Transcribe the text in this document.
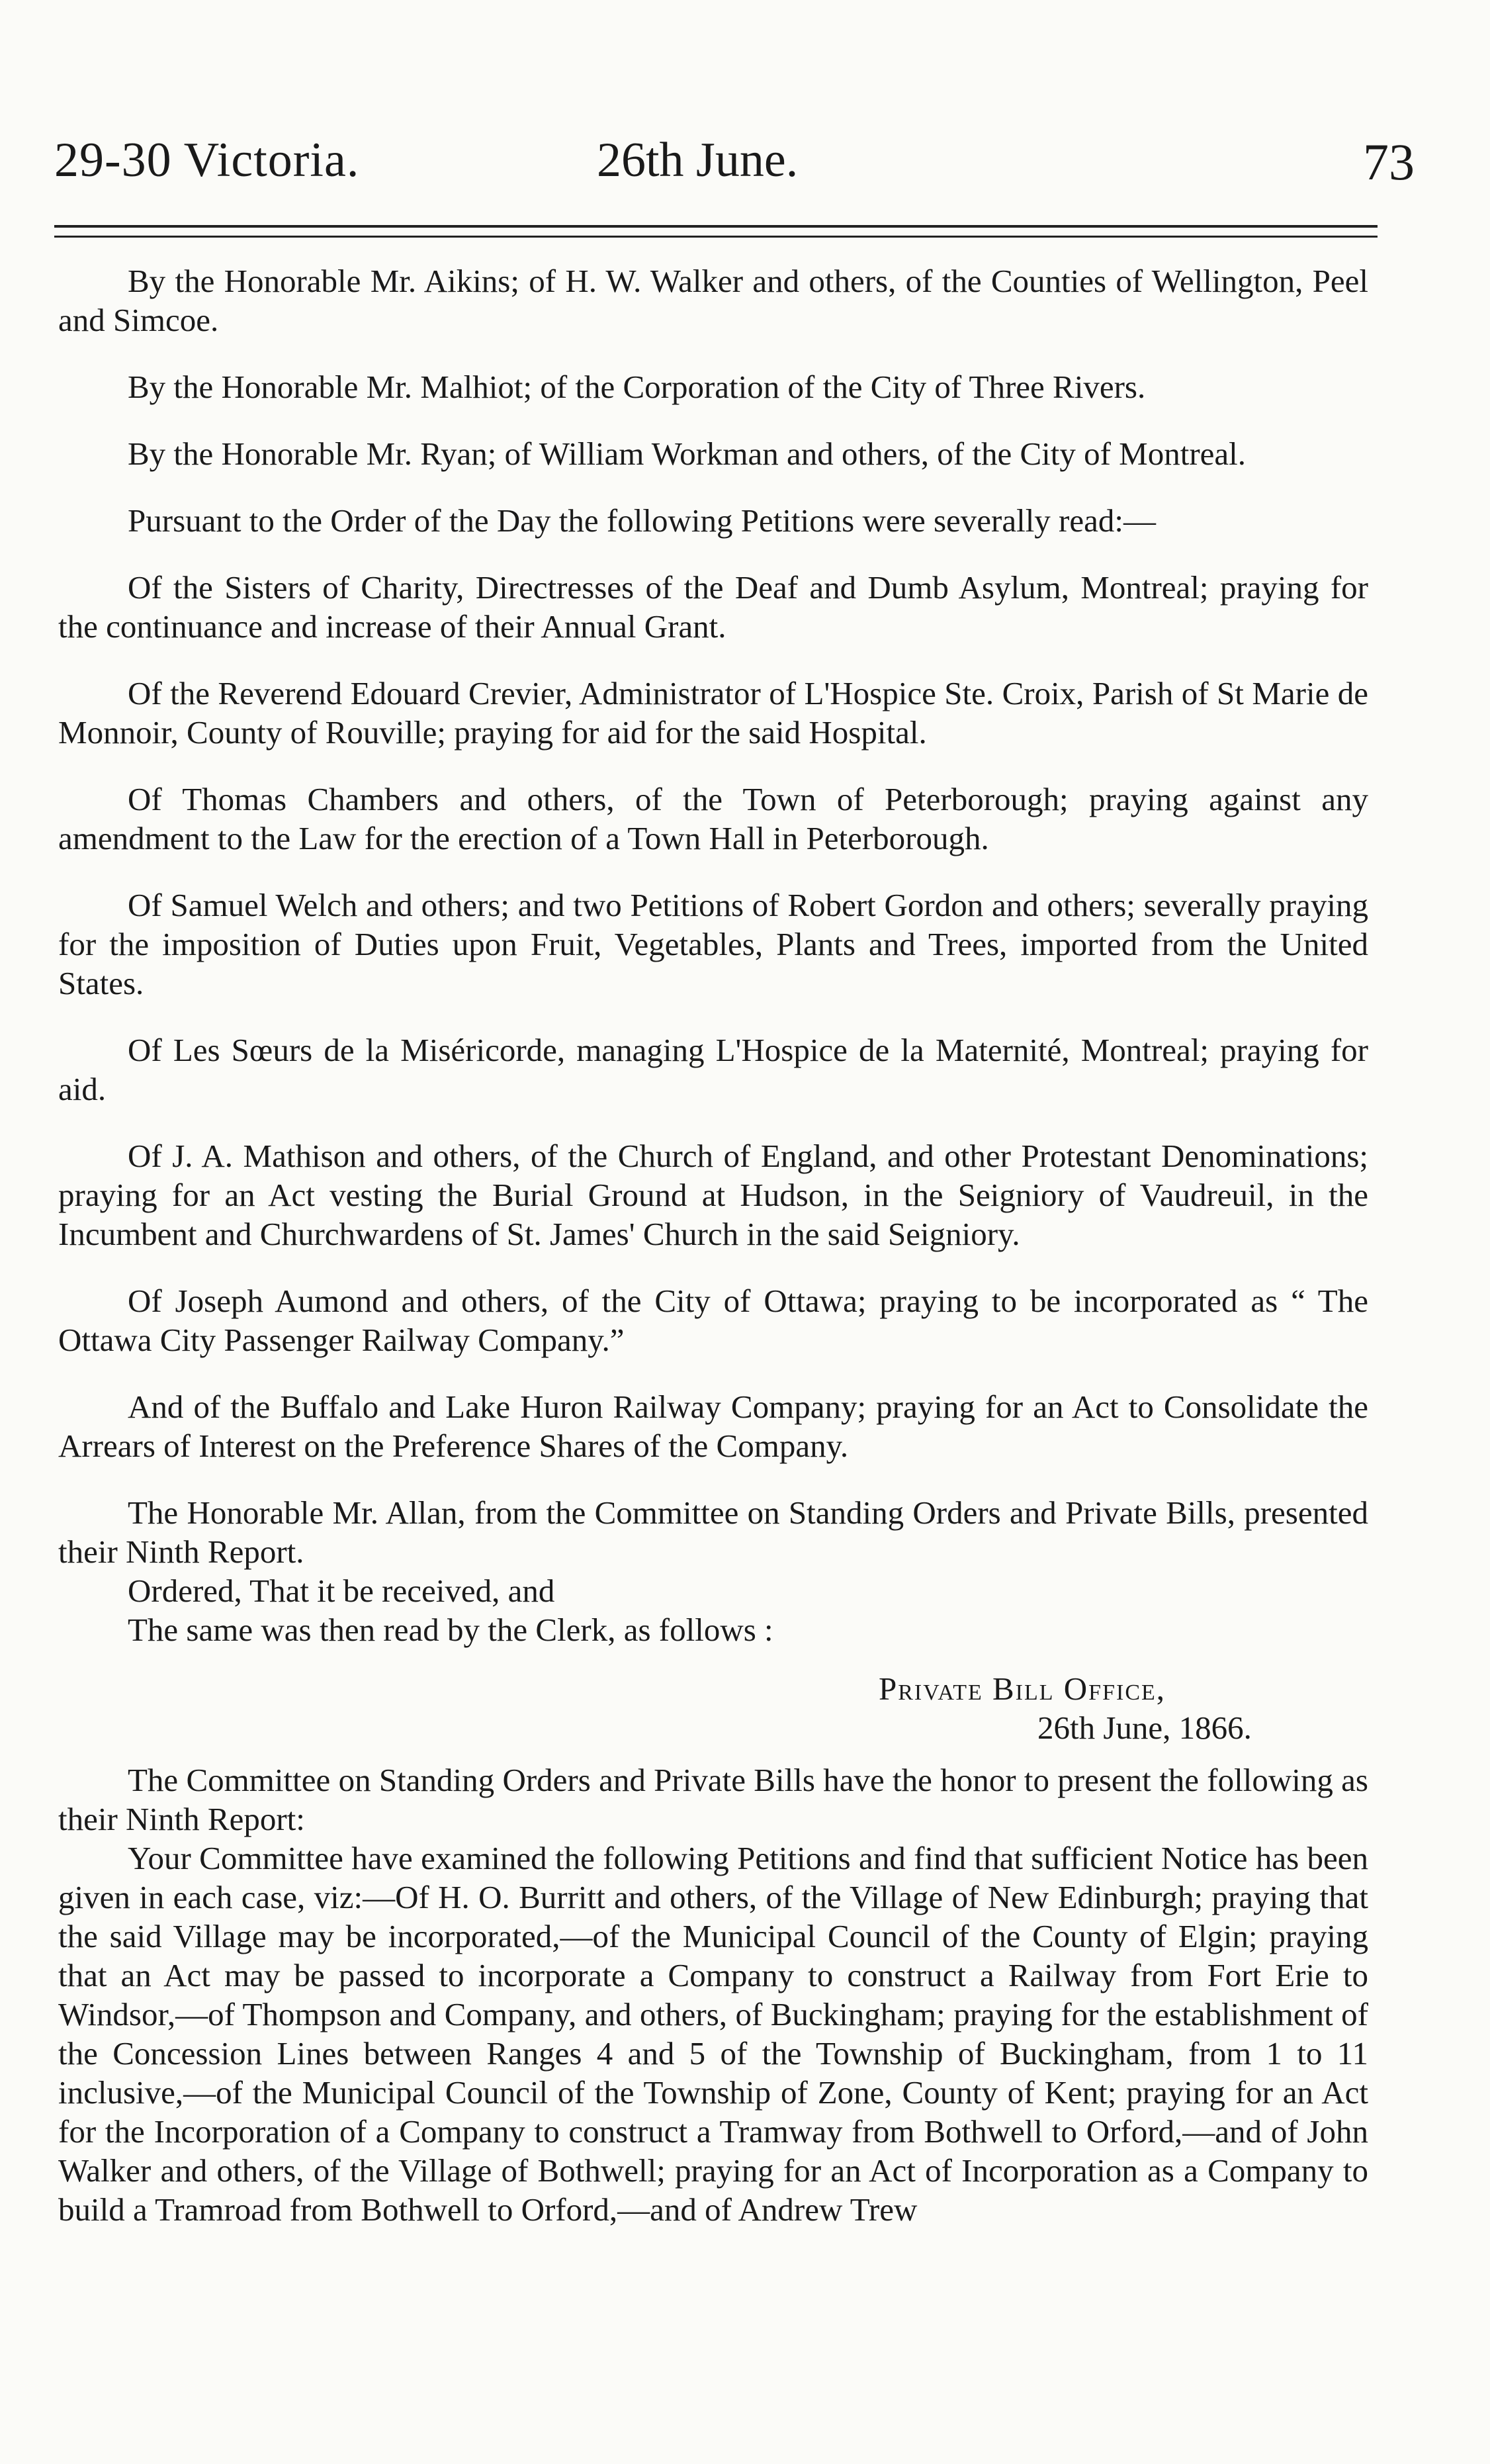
29-30 Victoria.	26th June.	73

By the Honorable Mr. Aikins; of H. W. Walker and others, of the Counties of Wellington, Peel and Simcoe.

By the Honorable Mr. Malhiot; of the Corporation of the City of Three Rivers.

By the Honorable Mr. Ryan; of William Workman and others, of the City of Montreal.

Pursuant to the Order of the Day the following Petitions were severally read:—

Of the Sisters of Charity, Directresses of the Deaf and Dumb Asylum, Montreal; praying for the continuance and increase of their Annual Grant.

Of the Reverend Edouard Crevier, Administrator of L'Hospice Ste. Croix, Parish of St Marie de Monnoir, County of Rouville; praying for aid for the said Hospital.

Of Thomas Chambers and others, of the Town of Peterborough; praying against any amendment to the Law for the erection of a Town Hall in Peterborough.

Of Samuel Welch and others; and two Petitions of Robert Gordon and others; severally praying for the imposition of Duties upon Fruit, Vegetables, Plants and Trees, imported from the United States.

Of Les Sœurs de la Miséricorde, managing L'Hospice de la Maternité, Montreal; praying for aid.

Of J. A. Mathison and others, of the Church of England, and other Protestant Denominations; praying for an Act vesting the Burial Ground at Hudson, in the Seigniory of Vaudreuil, in the Incumbent and Churchwardens of St. James' Church in the said Seigniory.

Of Joseph Aumond and others, of the City of Ottawa; praying to be incorporated as “ The Ottawa City Passenger Railway Company.”

And of the Buffalo and Lake Huron Railway Company; praying for an Act to Consolidate the Arrears of Interest on the Preference Shares of the Company.

The Honorable Mr. Allan, from the Committee on Standing Orders and Private Bills, presented their Ninth Report.

Ordered, That it be received, and

The same was then read by the Clerk, as follows :

Private Bill Office,
26th June, 1866.

The Committee on Standing Orders and Private Bills have the honor to present the following as their Ninth Report:

Your Committee have examined the following Petitions and find that sufficient Notice has been given in each case, viz:—Of H. O. Burritt and others, of the Village of New Edinburgh; praying that the said Village may be incorporated,—of the Municipal Council of the County of Elgin; praying that an Act may be passed to incorporate a Company to construct a Railway from Fort Erie to Windsor,—of Thompson and Company, and others, of Buckingham; praying for the establishment of the Concession Lines between Ranges 4 and 5 of the Township of Buckingham, from 1 to 11 inclusive,—of the Municipal Council of the Township of Zone, County of Kent; praying for an Act for the Incorporation of a Company to construct a Tramway from Bothwell to Orford,—and of John Walker and others, of the Village of Bothwell; praying for an Act of Incorporation as a Company to build a Tramroad from Bothwell to Orford,—and of Andrew Trew
